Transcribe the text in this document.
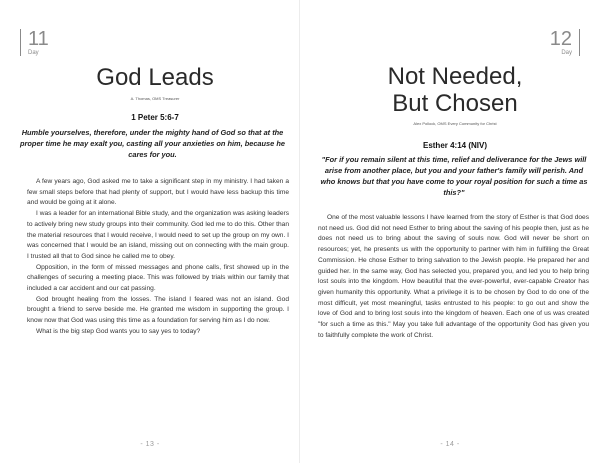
11
Day
God Leads
A. Thomas, OMS Treasurer
1 Peter 5:6-7
Humble yourselves, therefore, under the mighty hand of God so that at the proper time he may exalt you, casting all your anxieties on him, because he cares for you.

A few years ago, God asked me to take a significant step in my ministry. I had taken a few small steps before that had plenty of support, but I would have less backup this time and would be going at it alone.

I was a leader for an international Bible study, and the organization was asking leaders to actively bring new study groups into their community. God led me to do this. Other than the material resources that I would receive, I would need to set up the group on my own. I was concerned that I would be an island, missing out on connecting with the main group. I trusted all that to God since he called me to obey.

Opposition, in the form of missed messages and phone calls, first showed up in the challenges of securing a meeting place. This was followed by trials within our family that included a car accident and our cat passing.

God brought healing from the losses. The island I feared was not an island. God brought a friend to serve beside me. He granted me wisdom in supporting the group. I know now that God was using this time as a foundation for serving him as I do now.

What is the big step God wants you to say yes to today?

- 13 -
12
Day
Not Needed,
But Chosen
Alex Pollock, OMS Every Community for Christ
Esther 4:14 (NIV)
"For if you remain silent at this time, relief and deliverance for the Jews will arise from another place, but you and your father's family will perish. And who knows but that you have come to your royal position for such a time as this?"

One of the most valuable lessons I have learned from the story of Esther is that God does not need us. God did not need Esther to bring about the saving of his people then, just as he does not need us to bring about the saving of souls now. God will never be short on resources; yet, he presents us with the opportunity to partner with him in fulfilling the Great Commission. He chose Esther to bring salvation to the Jewish people. He prepared her and guided her. In the same way, God has selected you, prepared you, and led you to help bring lost souls into the kingdom. How beautiful that the ever-powerful, ever-capable Creator has given humanity this opportunity. What a privilege it is to be chosen by God to do one of the most difficult, yet most meaningful, tasks entrusted to his people: to go out and show the love of God and to bring lost souls into the kingdom of heaven. Each one of us was created "for such a time as this." May you take full advantage of the opportunity God has given you to faithfully complete the work of Christ.

- 14 -
